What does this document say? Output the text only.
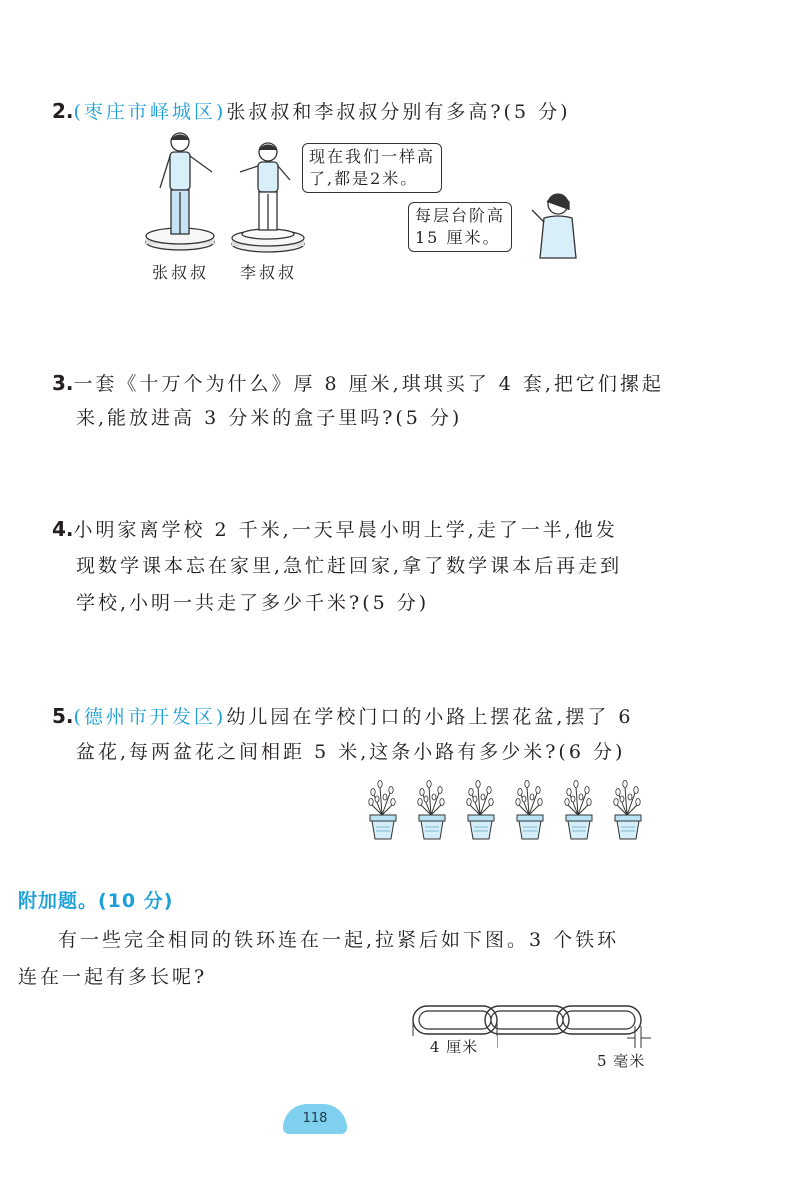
2.(枣庄市峄城区)张叔叔和李叔叔分别有多高?(5 分)
现在我们一样高
了,都是2米。
每层台阶高
15 厘米。
张叔叔 李叔叔
3.一套《十万个为什么》厚 8 厘米,琪琪买了 4 套,把它们摞起
来,能放进高 3 分米的盒子里吗?(5 分)
4.小明家离学校 2 千米,一天早晨小明上学,走了一半,他发
现数学课本忘在家里,急忙赶回家,拿了数学课本后再走到
学校,小明一共走了多少千米?(5 分)
5.(德州市开发区)幼儿园在学校门口的小路上摆花盆,摆了 6
盆花,每两盆花之间相距 5 米,这条小路有多少米?(6 分)
附加题。(10 分)
有一些完全相同的铁环连在一起,拉紧后如下图。3 个铁环
连在一起有多长呢?
4 厘米
5 毫米
118
